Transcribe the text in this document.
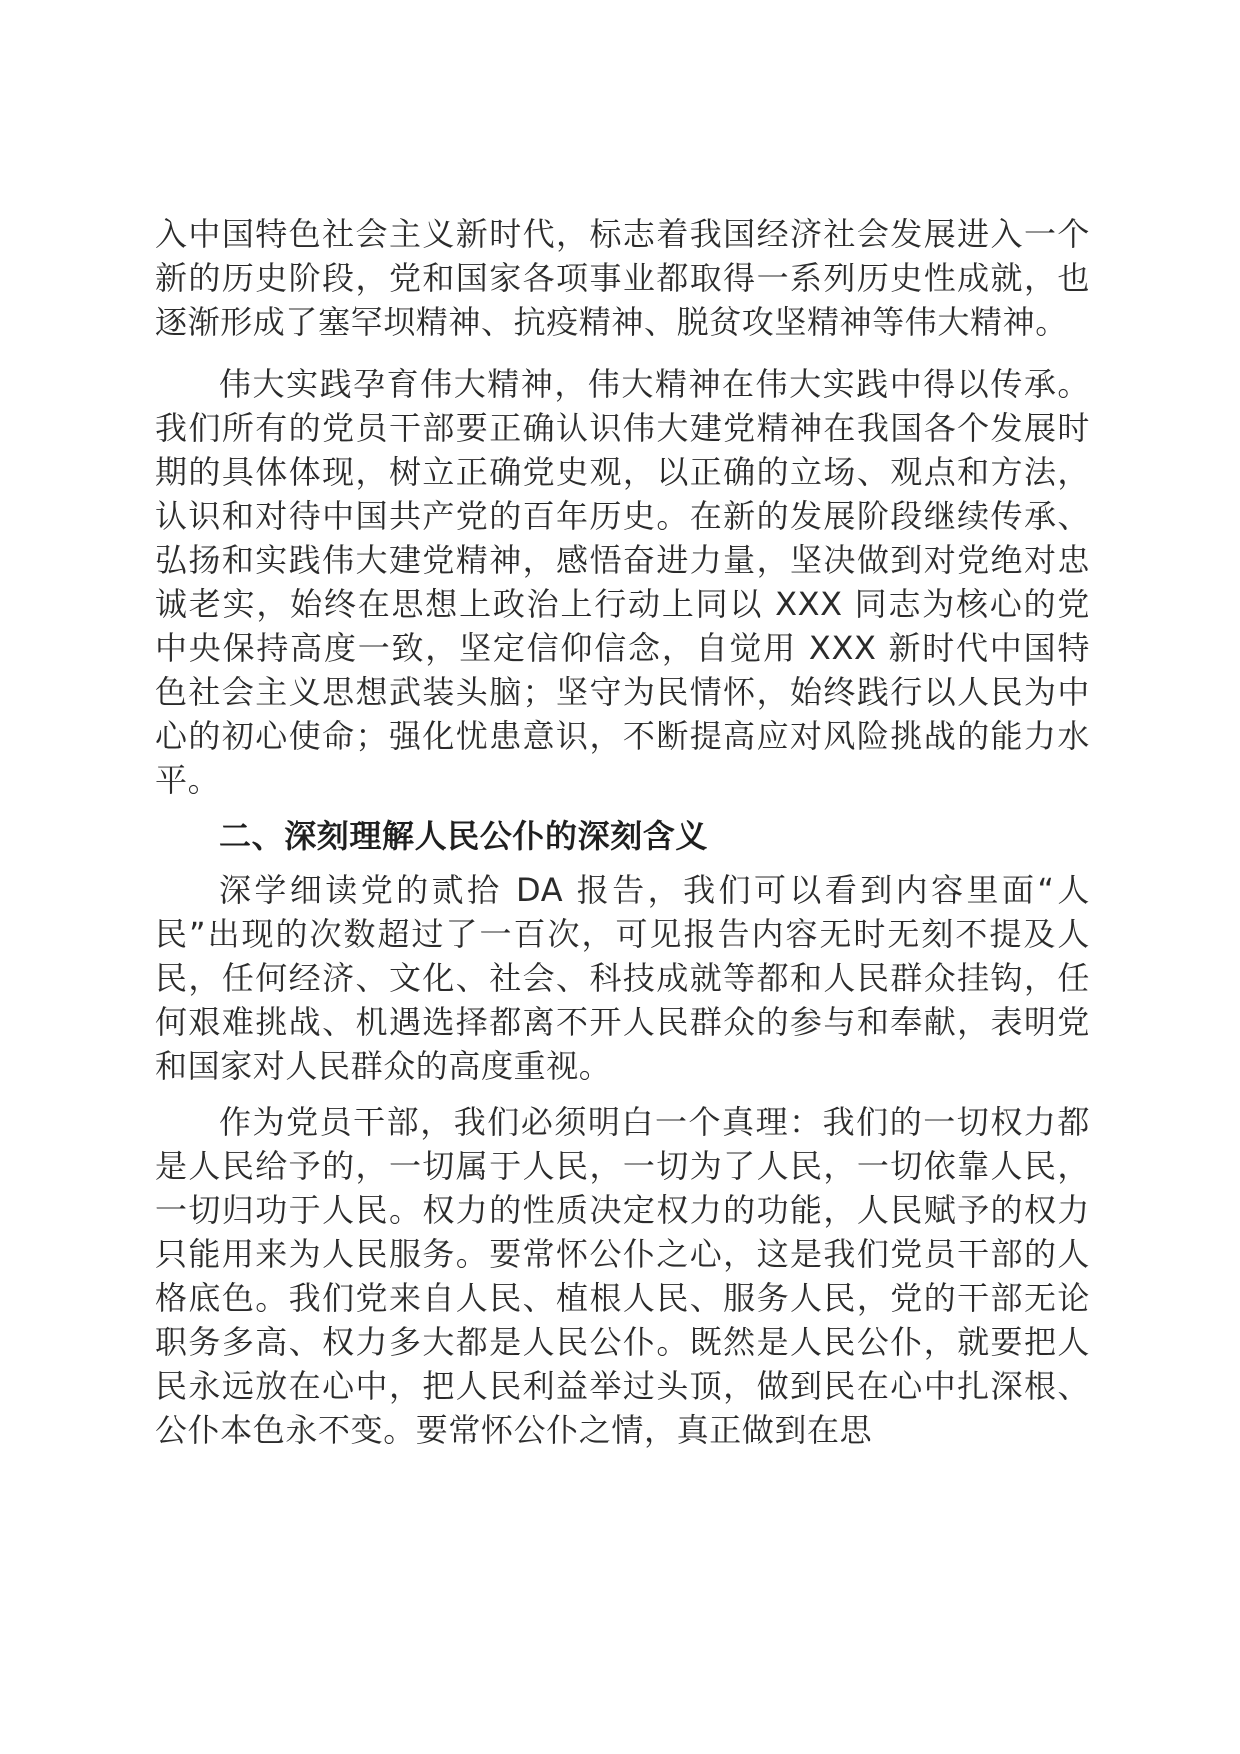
入中国特色社会主义新时代，标志着我国经济社会发展进入一个新的历史阶段，党和国家各项事业都取得一系列历史性成就，也逐渐形成了塞罕坝精神、抗疫精神、脱贫攻坚精神等伟大精神。

伟大实践孕育伟大精神，伟大精神在伟大实践中得以传承。我们所有的党员干部要正确认识伟大建党精神在我国各个发展时期的具体体现，树立正确党史观，以正确的立场、观点和方法，认识和对待中国共产党的百年历史。在新的发展阶段继续传承、弘扬和实践伟大建党精神，感悟奋进力量，坚决做到对党绝对忠诚老实，始终在思想上政治上行动上同以 XXX 同志为核心的党中央保持高度一致，坚定信仰信念，自觉用 XXX 新时代中国特色社会主义思想武装头脑；坚守为民情怀，始终践行以人民为中心的初心使命；强化忧患意识，不断提高应对风险挑战的能力水平。

二、深刻理解人民公仆的深刻含义

深学细读党的贰拾 DA 报告，我们可以看到内容里面“人民”出现的次数超过了一百次，可见报告内容无时无刻不提及人民，任何经济、文化、社会、科技成就等都和人民群众挂钩，任何艰难挑战、机遇选择都离不开人民群众的参与和奉献，表明党和国家对人民群众的高度重视。

作为党员干部，我们必须明白一个真理：我们的一切权力都是人民给予的，一切属于人民，一切为了人民，一切依靠人民，一切归功于人民。权力的性质决定权力的功能，人民赋予的权力只能用来为人民服务。要常怀公仆之心，这是我们党员干部的人格底色。我们党来自人民、植根人民、服务人民，党的干部无论职务多高、权力多大都是人民公仆。既然是人民公仆，就要把人民永远放在心中，把人民利益举过头顶，做到民在心中扎深根、公仆本色永不变。要常怀公仆之情，真正做到在思
